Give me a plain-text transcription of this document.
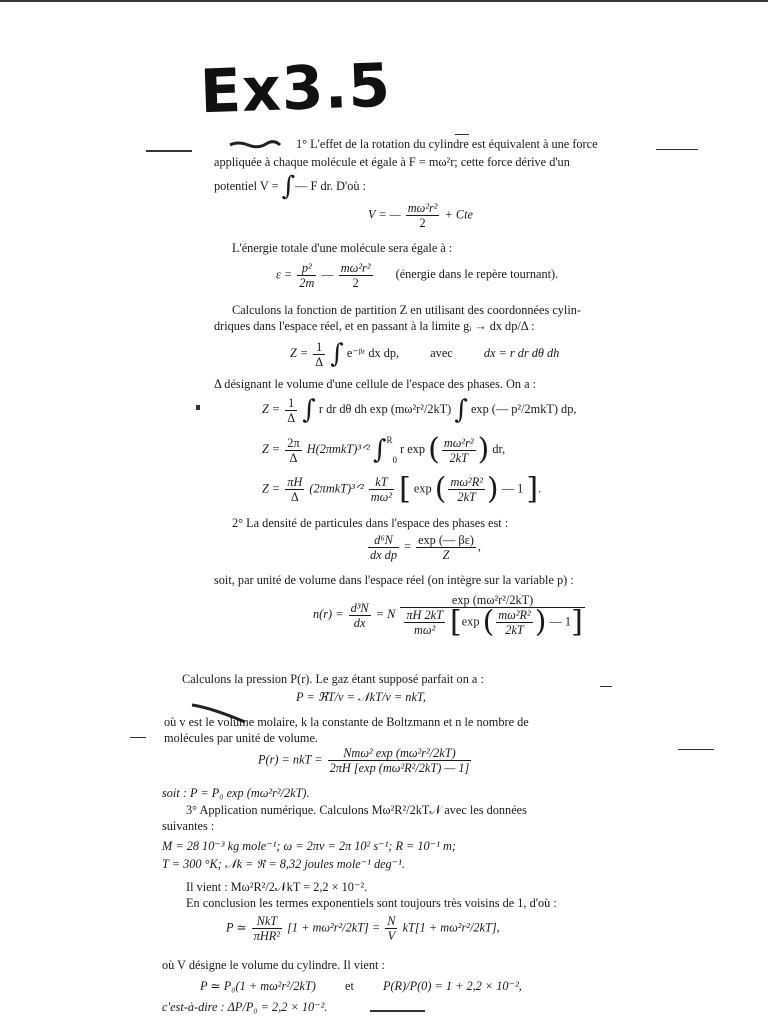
Ex3.5
1° L'effet de la rotation du cylindre est équivalent à une force
appliquée à chaque molécule et égale à F = mω²r; cette force dérive d'un
potentiel V = ∫— F dr. D'où :
V = — $\frac{\text{mω²r²}}{2}$ + Cte
L'énergie totale d'une molécule sera égale à :
$\varepsilon = \frac{\text{p²}}{2m}$ — $\frac{\text{mω²r²}}{2}$ (énergie dans le repère tournant).
Calculons la fonction de partition Z en utilisant des coordonnées cylin-
driques dans l'espace réel, et en passant à la limite gᵢ → dx dp/Δ :
$Z = \frac{1}{\Delta}$ ∫ e⁻ᵝᵋ dx dp,	avec	dx = r dr dθ dh
Δ désignant le volume d'une cellule de l'espace des phases. On a :
$Z = \frac{1}{\Delta}$ ∫ r dr dθ dh exp (mω²r²/2kT) ∫ exp (— p²/2mkT) dp,
$Z = \frac{2\pi}{\Delta}$ H(2πmkT)³ᐟ² ∫$^R$0 r exp ( $\frac{\text{mω²r²}}{2kT}$ ) dr,
$Z = \frac{\pi H}{\Delta}$ (2πmkT)³ᐟ² $\frac{kT}{\text{mω²}}$ [ exp ( $\frac{\text{mω²R²}}{2kT}$ ) — 1 ].
2° La densité de particules dans l'espace des phases est :
$\frac{\text{d⁶N}}{\text{dx dp}} = \frac{\exp (— \beta\varepsilon)}{Z}$ ,
soit, par unité de volume dans l'espace réel (on intègre sur la variable p) :
$n(r) = \frac{\text{d³N}}{dx} = N \frac{\text{exp (mω²r²/2kT)}}{\frac{\pi H 2kT}{\text{mω²}} [\exp ( \frac{\text{mω²R²}}{2kT} ) — 1]}$
Calculons la pression P(r). Le gaz étant supposé parfait on a :
P = ℜT/v = 𝒩kT/v = nkT,
où v est le volume molaire, k la constante de Boltzmann et n le nombre de
molécules par unité de volume.
P(r) = nkT = $\frac{\text{Nmω² exp (mω²r²/2kT)}}{\text{2πH [exp (mω²R²/2kT) — 1]}}$
soit : P = P₀ exp (mω²r²/2kT).
3° Application numérique. Calculons Mω²R²/2kT𝒩 avec les données
suivantes :
M = 28 10⁻³ kg mole⁻¹; ω = 2πν = 2π 10² s⁻¹; R = 10⁻¹ m;
T = 300 °K; 𝒩k = ℜ = 8,32 joules mole⁻¹ deg⁻¹.
Il vient : Mω²R²/2𝒩kT = 2,2 × 10⁻².
En conclusion les termes exponentiels sont toujours très voisins de 1, d'où :
P ≃ $\frac{\text{NkT}}{\text{πHR²}} [1 + m\omega^2r^2/2kT] = \frac{N}{V} kT[1 + m\omega^2r^2/2kT]$,
où V désigne le volume du cylindre. Il vient :
P ≃ P₀(1 + mω²r²/2kT) et P(R)/P(0) = 1 + 2,2 × 10⁻²,
c'est-à-dire : ΔP/P₀ = 2,2 × 10⁻².
